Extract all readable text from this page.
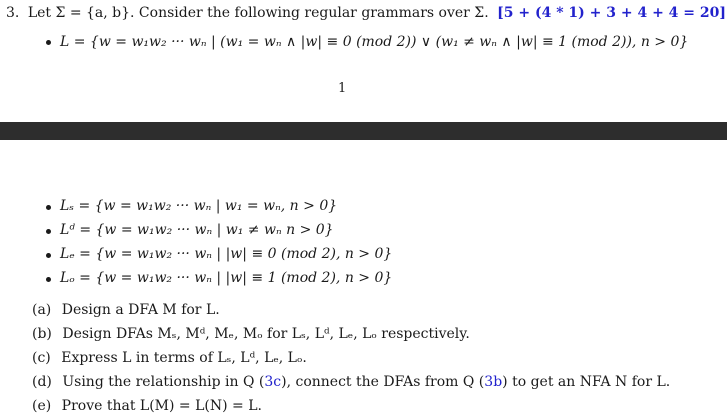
3. Let Σ = {a, b}. Consider the following regular grammars over Σ. [5 + (4 * 1) + 3 + 4 + 4 = 20]
L = {w = w₁w₂ ··· wₙ | (w₁ = wₙ ∧ |w| ≡ 0 (mod 2)) ∨ (w₁ ≠ wₙ ∧ |w| ≡ 1 (mod 2)), n > 0}
1
Lₛ = {w = w₁w₂ ··· wₙ | w₁ = wₙ, n > 0}
Lᵈ = {w = w₁w₂ ··· wₙ | w₁ ≠ wₙ n > 0}
Lₑ = {w = w₁w₂ ··· wₙ | |w| ≡ 0 (mod 2), n > 0}
Lₒ = {w = w₁w₂ ··· wₙ | |w| ≡ 1 (mod 2), n > 0}
(a) Design a DFA M for L.
(b) Design DFAs Mₛ, Mᵈ, Mₑ, Mₒ for Lₛ, Lᵈ, Lₑ, Lₒ respectively.
(c) Express L in terms of Lₛ, Lᵈ, Lₑ, Lₒ.
(d) Using the relationship in Q (3c), connect the DFAs from Q (3b) to get an NFA N for L.
(e) Prove that L(M) = L(N) = L.
